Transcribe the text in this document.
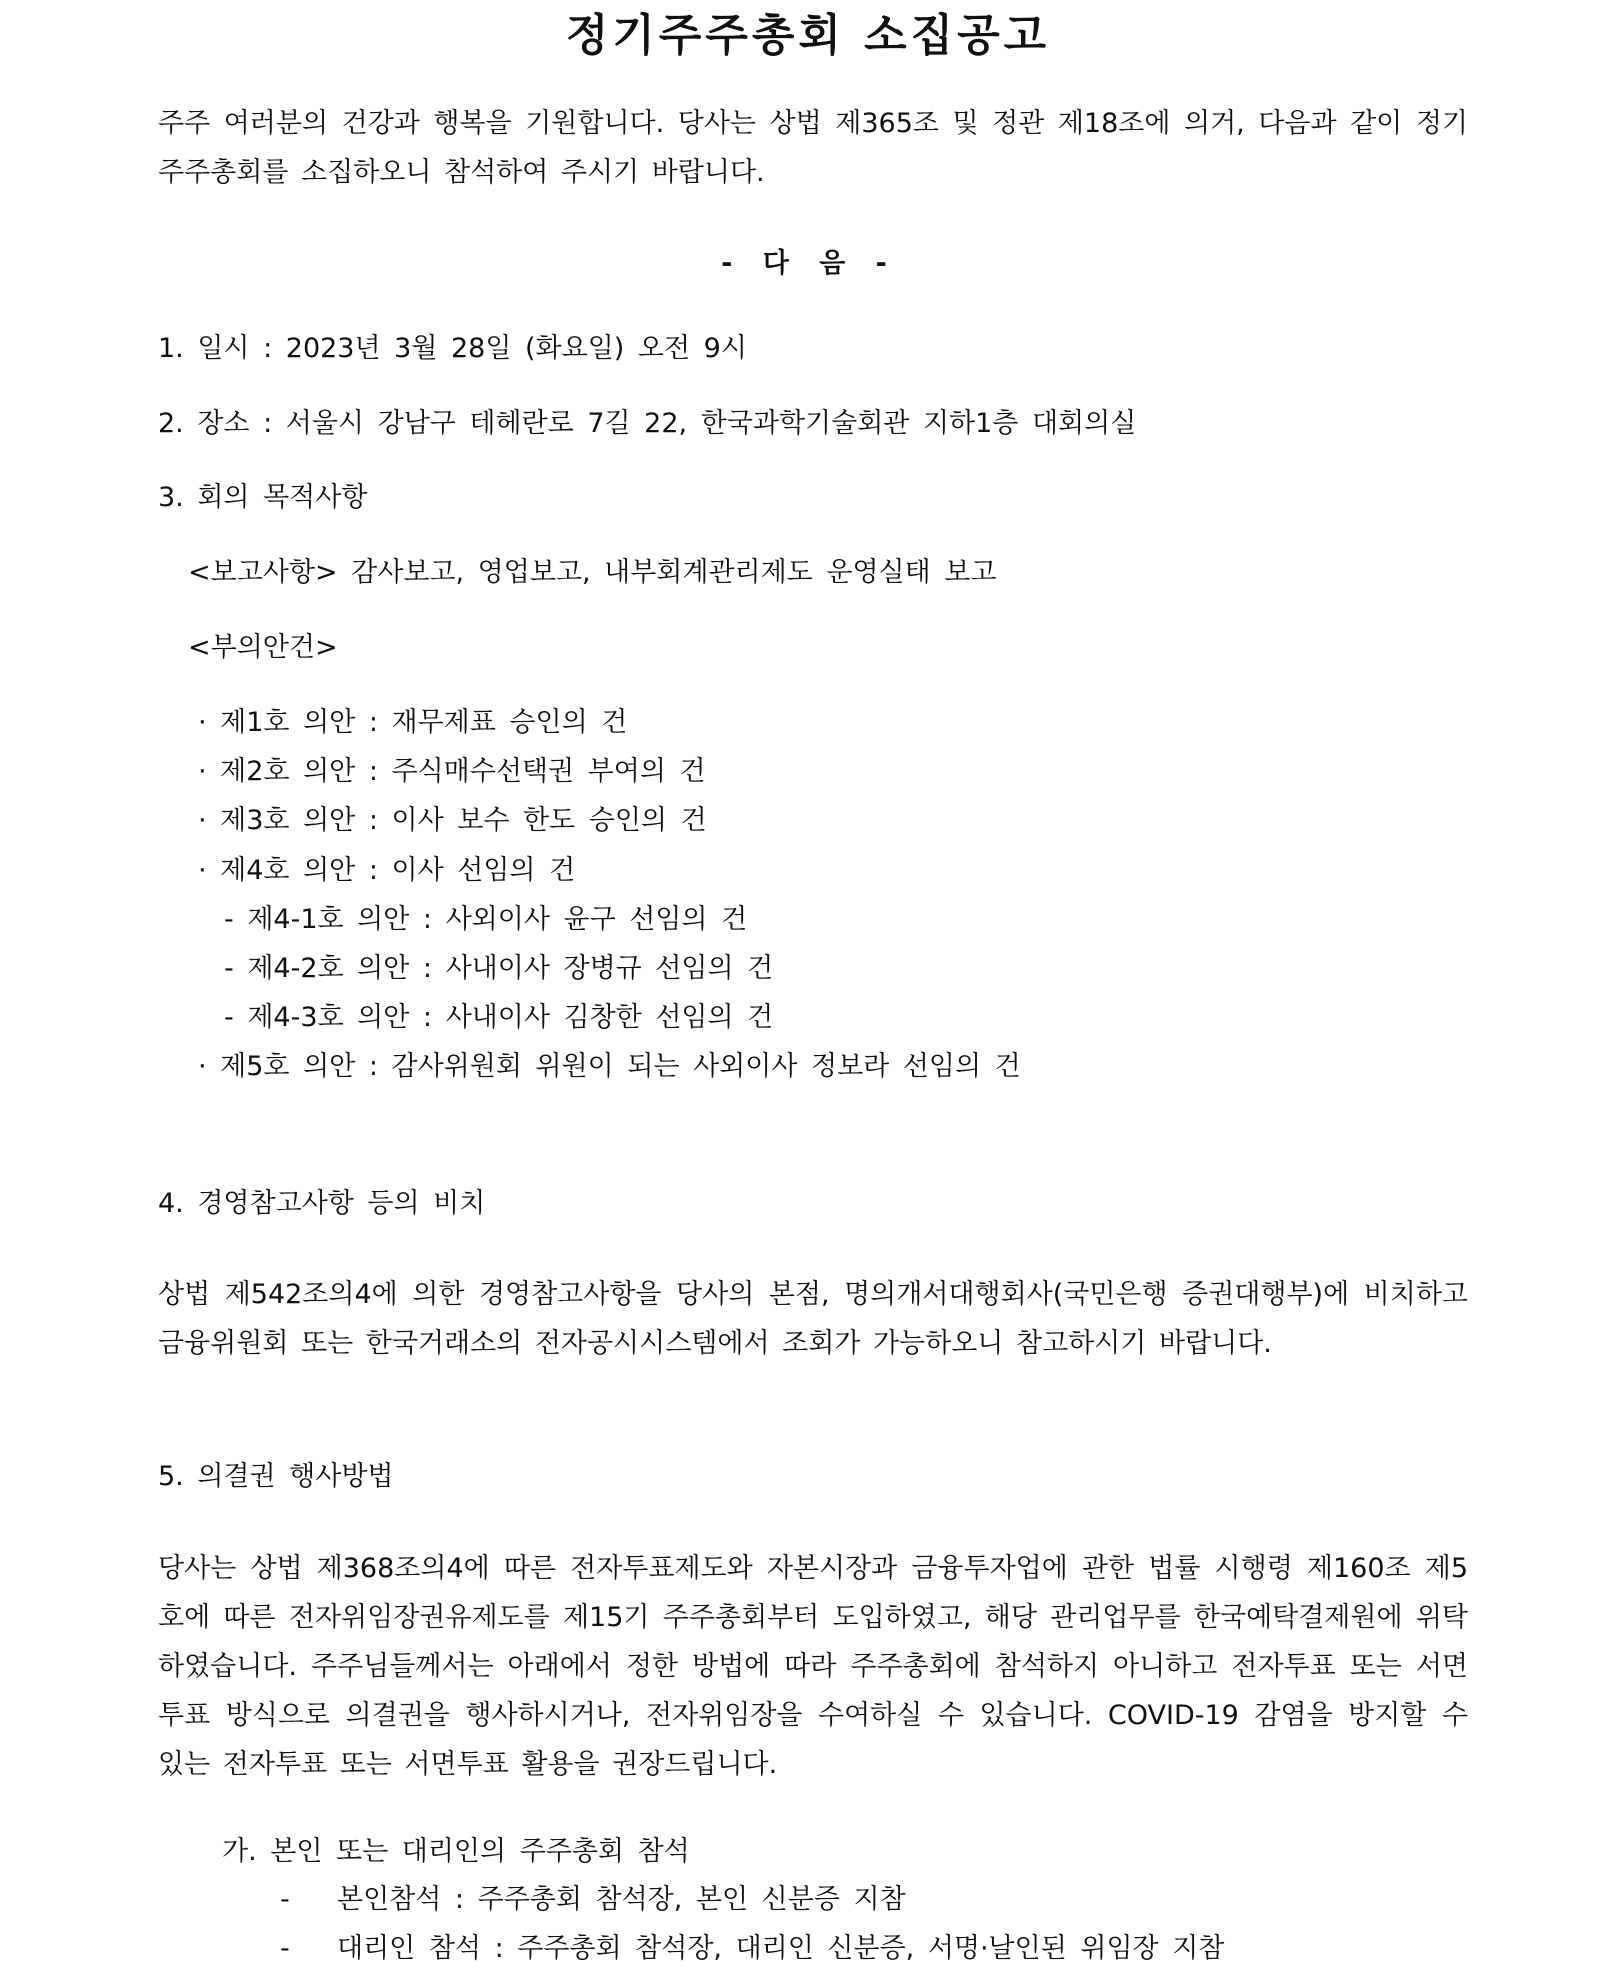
정기주주총회 소집공고
주주 여러분의 건강과 행복을 기원합니다. 당사는 상법 제365조 및 정관 제18조에 의거, 다음과 같이 정기주주총회를 소집하오니 참석하여 주시기 바랍니다.
- 다 음 -
1. 일시 : 2023년 3월 28일 (화요일) 오전 9시
2. 장소 : 서울시 강남구 테헤란로 7길 22, 한국과학기술회관 지하1층 대회의실
3. 회의 목적사항
<보고사항> 감사보고, 영업보고, 내부회계관리제도 운영실태 보고
<부의안건>
· 제1호 의안 : 재무제표 승인의 건
· 제2호 의안 : 주식매수선택권 부여의 건
· 제3호 의안 : 이사 보수 한도 승인의 건
· 제4호 의안 : 이사 선임의 건
- 제4-1호 의안 : 사외이사 윤구 선임의 건
- 제4-2호 의안 : 사내이사 장병규 선임의 건
- 제4-3호 의안 : 사내이사 김창한 선임의 건
· 제5호 의안 : 감사위원회 위원이 되는 사외이사 정보라 선임의 건
4. 경영참고사항 등의 비치
상법 제542조의4에 의한 경영참고사항을 당사의 본점, 명의개서대행회사(국민은행 증권대행부)에 비치하고 금융위원회 또는 한국거래소의 전자공시시스템에서 조회가 가능하오니 참고하시기 바랍니다.
5. 의결권 행사방법
당사는 상법 제368조의4에 따른 전자투표제도와 자본시장과 금융투자업에 관한 법률 시행령 제160조 제5호에 따른 전자위임장권유제도를 제15기 주주총회부터 도입하였고, 해당 관리업무를 한국예탁결제원에 위탁하였습니다. 주주님들께서는 아래에서 정한 방법에 따라 주주총회에 참석하지 아니하고 전자투표 또는 서면투표 방식으로 의결권을 행사하시거나, 전자위임장을 수여하실 수 있습니다. COVID-19 감염을 방지할 수 있는 전자투표 또는 서면투표 활용을 권장드립니다.
가. 본인 또는 대리인의 주주총회 참석
- 본인참석 : 주주총회 참석장, 본인 신분증 지참
- 대리인 참석 : 주주총회 참석장, 대리인 신분증, 서명·날인된 위임장 지참
